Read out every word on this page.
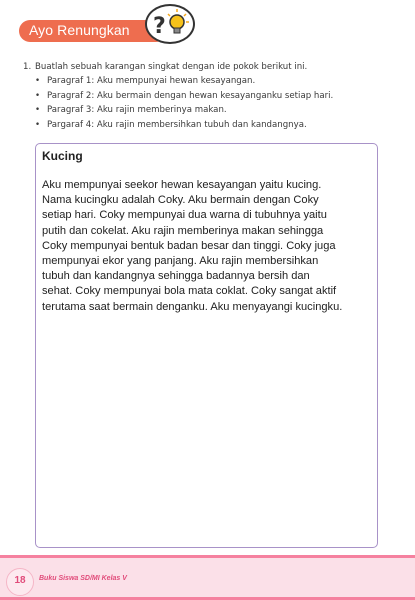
Ayo Renungkan ?
1. Buatlah sebuah karangan singkat dengan ide pokok berikut ini.
• Paragraf 1: Aku mempunyai hewan kesayangan.
• Paragraf 2: Aku bermain dengan hewan kesayanganku setiap hari.
• Paragraf 3: Aku rajin memberinya makan.
• Pargaraf 4: Aku rajin membersihkan tubuh dan kandangnya.
Kucing
Aku mempunyai seekor hewan kesayangan yaitu kucing.
Nama kucingku adalah Coky. Aku bermain dengan Coky
setiap hari. Coky mempunyai dua warna di tubuhnya yaitu
putih dan cokelat. Aku rajin memberinya makan sehingga
Coky mempunyai bentuk badan besar dan tinggi. Coky juga
mempunyai ekor yang panjang. Aku rajin membersihkan
tubuh dan kandangnya sehingga badannya bersih dan
sehat. Coky mempunyai bola mata coklat. Coky sangat aktif
terutama saat bermain denganku. Aku menyayangi kucingku.
18	Buku Siswa SD/MI Kelas V
